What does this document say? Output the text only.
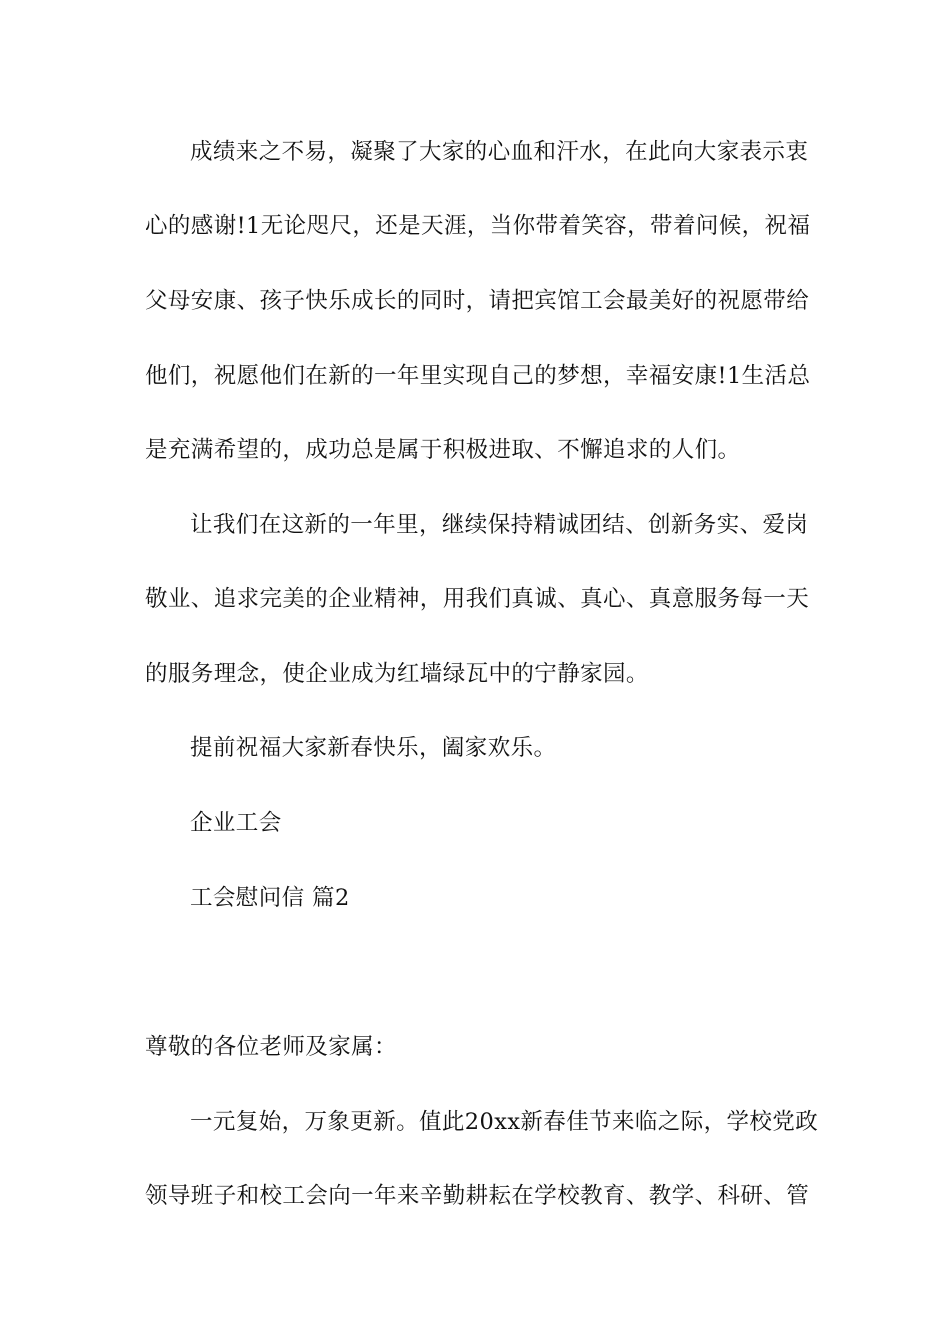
成绩来之不易，凝聚了大家的心血和汗水，在此向大家表示衷
心的感谢!1无论咫尺，还是天涯，当你带着笑容，带着问候，祝福
父母安康、孩子快乐成长的同时，请把宾馆工会最美好的祝愿带给
他们，祝愿他们在新的一年里实现自己的梦想，幸福安康!1生活总
是充满希望的，成功总是属于积极进取、不懈追求的人们。
让我们在这新的一年里，继续保持精诚团结、创新务实、爱岗
敬业、追求完美的企业精神，用我们真诚、真心、真意服务每一天
的服务理念，使企业成为红墙绿瓦中的宁静家园。
提前祝福大家新春快乐，阖家欢乐。
企业工会
工会慰问信 篇2
尊敬的各位老师及家属：
一元复始，万象更新。值此20xx新春佳节来临之际，学校党政
领导班子和校工会向一年来辛勤耕耘在学校教育、教学、科研、管
